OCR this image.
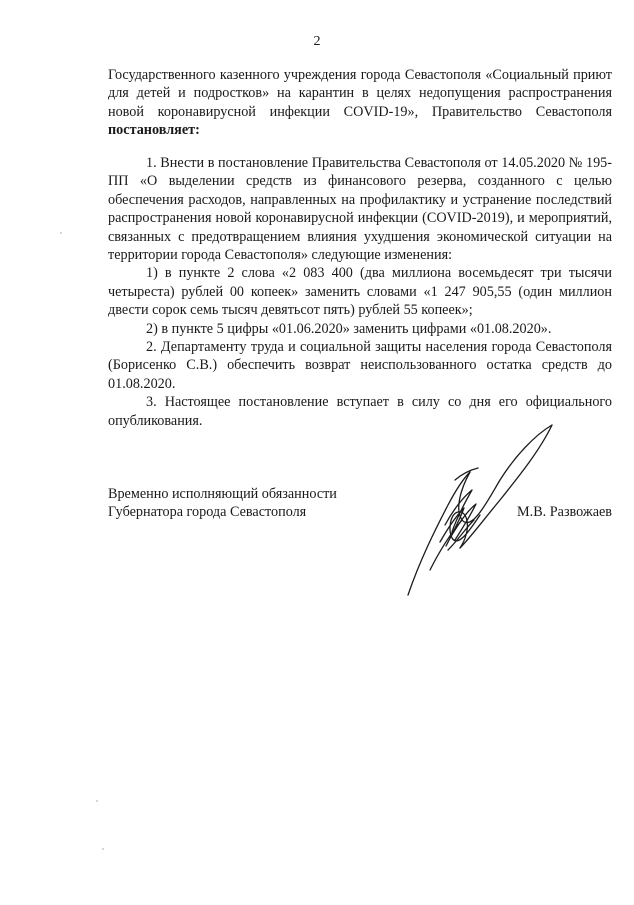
2

Государственного казенного учреждения города Севастополя «Социальный приют для детей и подростков» на карантин в целях недопущения распространения новой коронавирусной инфекции COVID-19», Правительство Севастополя постановляет:

1. Внести в постановление Правительства Севастополя от 14.05.2020 № 195-ПП «О выделении средств из финансового резерва, созданного с целью обеспечения расходов, направленных на профилактику и устранение последствий распространения новой коронавирусной инфекции (COVID-2019), и мероприятий, связанных с предотвращением влияния ухудшения экономической ситуации на территории города Севастополя» следующие изменения:

1) в пункте 2 слова «2 083 400 (два миллиона восемьдесят три тысячи четыреста) рублей 00 копеек» заменить словами «1 247 905,55 (один миллион двести сорок семь тысяч девятьсот пять) рублей 55 копеек»;

2) в пункте 5 цифры «01.06.2020» заменить цифрами «01.08.2020».

2. Департаменту труда и социальной защиты населения города Севастополя (Борисенко С.В.) обеспечить возврат неиспользованного остатка средств до 01.08.2020.

3. Настоящее постановление вступает в силу со дня его официального опубликования.

Временно исполняющий обязанности

Губернатора города Севастополя	М.В. Развожаев
